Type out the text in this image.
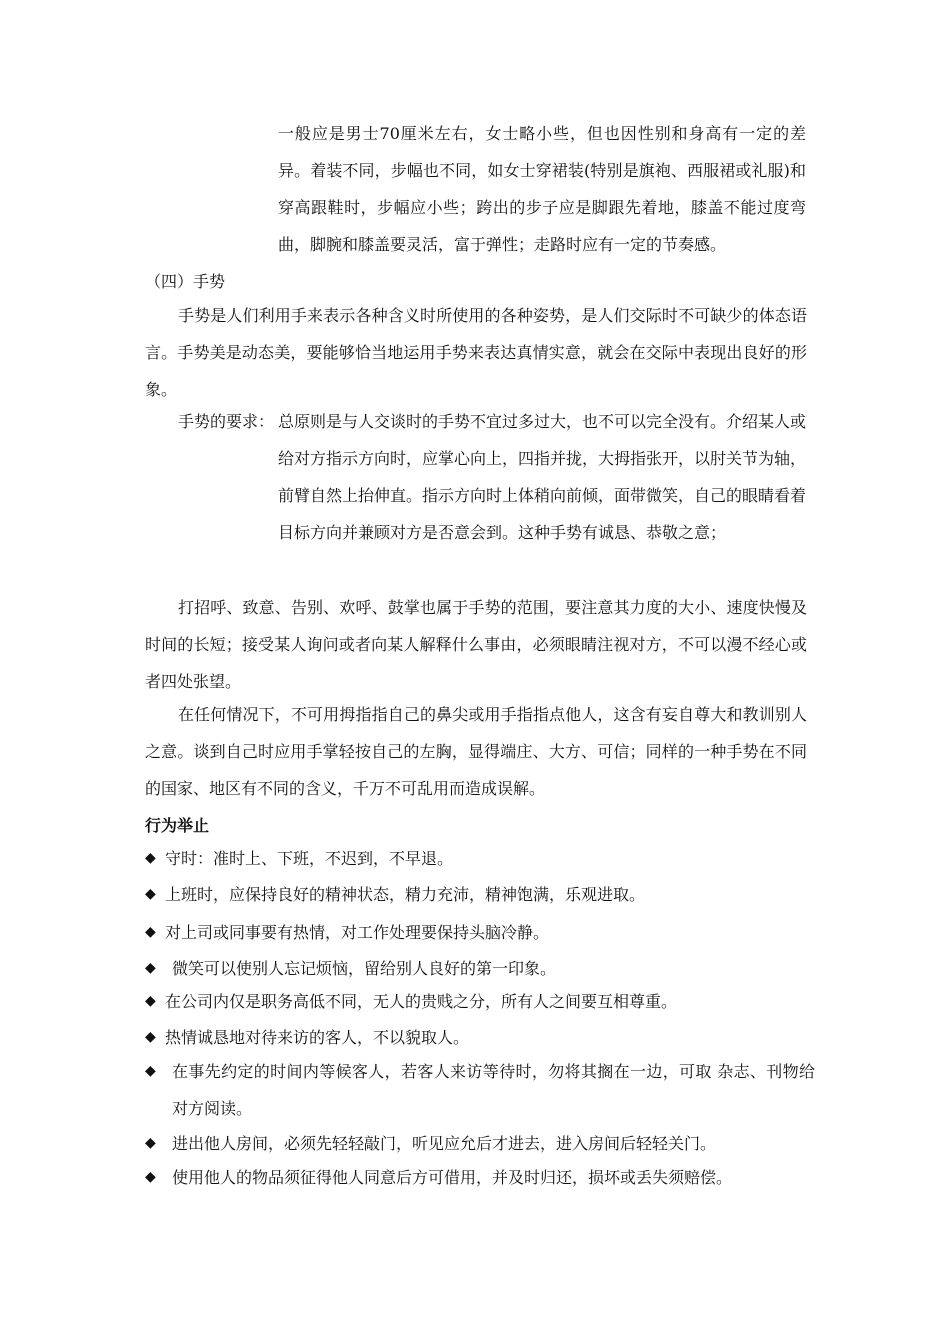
一般应是男士70厘米左右，女士略小些，但也因性别和身高有一定的差异。着装不同，步幅也不同，如女士穿裙装(特别是旗袍、西服裙或礼服)和穿高跟鞋时，步幅应小些；跨出的步子应是脚跟先着地，膝盖不能过度弯曲，脚腕和膝盖要灵活，富于弹性；走路时应有一定的节奏感。

（四）手势

手势是人们利用手来表示各种含义时所使用的各种姿势，是人们交际时不可缺少的体态语言。手势美是动态美，要能够恰当地运用手势来表达真情实意，就会在交际中表现出良好的形象。

手势的要求： 总原则是与人交谈时的手势不宜过多过大，也不可以完全没有。介绍某人或给对方指示方向时，应掌心向上，四指并拢，大拇指张开，以肘关节为轴，前臂自然上抬伸直。指示方向时上体稍向前倾，面带微笑，自己的眼睛看着目标方向并兼顾对方是否意会到。这种手势有诚恳、恭敬之意；

打招呼、致意、告别、欢呼、鼓掌也属于手势的范围，要注意其力度的大小、速度快慢及时间的长短；接受某人询问或者向某人解释什么事由，必须眼睛注视对方，不可以漫不经心或者四处张望。

在任何情况下，不可用拇指指自己的鼻尖或用手指指点他人，这含有妄自尊大和教训别人之意。谈到自己时应用手掌轻按自己的左胸，显得端庄、大方、可信；同样的一种手势在不同的国家、地区有不同的含义，千万不可乱用而造成误解。

行为举止

◆ 守时：准时上、下班，不迟到，不早退。
◆ 上班时，应保持良好的精神状态，精力充沛，精神饱满，乐观进取。
◆ 对上司或同事要有热情，对工作处理要保持头脑冷静。
◆	微笑可以使别人忘记烦恼，留给别人良好的第一印象。
◆ 在公司内仅是职务高低不同，无人的贵贱之分，所有人之间要互相尊重。
◆ 热情诚恳地对待来访的客人，不以貌取人。
◆	在事先约定的时间内等候客人，若客人来访等待时，勿将其搁在一边，可取 杂志、刊物给对方阅读。
◆	进出他人房间，必须先轻轻敲门，听见应允后才进去，进入房间后轻轻关门。
◆	使用他人的物品须征得他人同意后方可借用，并及时归还，损坏或丢失须赔偿。
